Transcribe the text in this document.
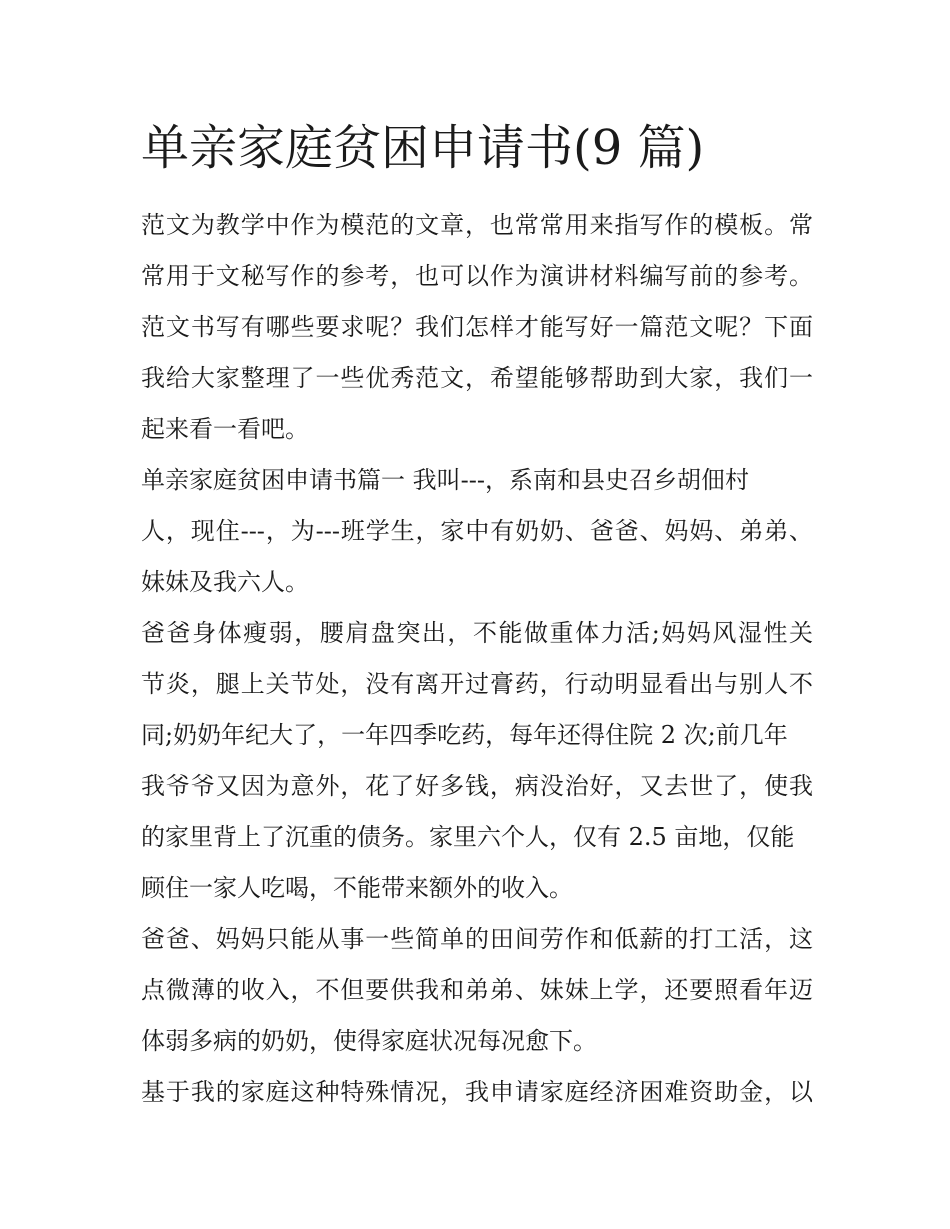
单亲家庭贫困申请书(9 篇)
范文为教学中作为模范的文章，也常常用来指写作的模板。常
常用于文秘写作的参考，也可以作为演讲材料编写前的参考。
范文书写有哪些要求呢？我们怎样才能写好一篇范文呢？下面
我给大家整理了一些优秀范文，希望能够帮助到大家，我们一
起来看一看吧。
单亲家庭贫困申请书篇一 我叫---，系南和县史召乡胡佃村
人，现住---，为---班学生，家中有奶奶、爸爸、妈妈、弟弟、
妹妹及我六人。
爸爸身体瘦弱，腰肩盘突出，不能做重体力活;妈妈风湿性关
节炎，腿上关节处，没有离开过膏药，行动明显看出与别人不
同;奶奶年纪大了，一年四季吃药，每年还得住院 2 次;前几年
我爷爷又因为意外，花了好多钱，病没治好，又去世了，使我
的家里背上了沉重的债务。家里六个人，仅有 2.5 亩地，仅能
顾住一家人吃喝，不能带来额外的收入。
爸爸、妈妈只能从事一些简单的田间劳作和低薪的打工活，这
点微薄的收入，不但要供我和弟弟、妹妹上学，还要照看年迈
体弱多病的奶奶，使得家庭状况每况愈下。
基于我的家庭这种特殊情况，我申请家庭经济困难资助金，以
